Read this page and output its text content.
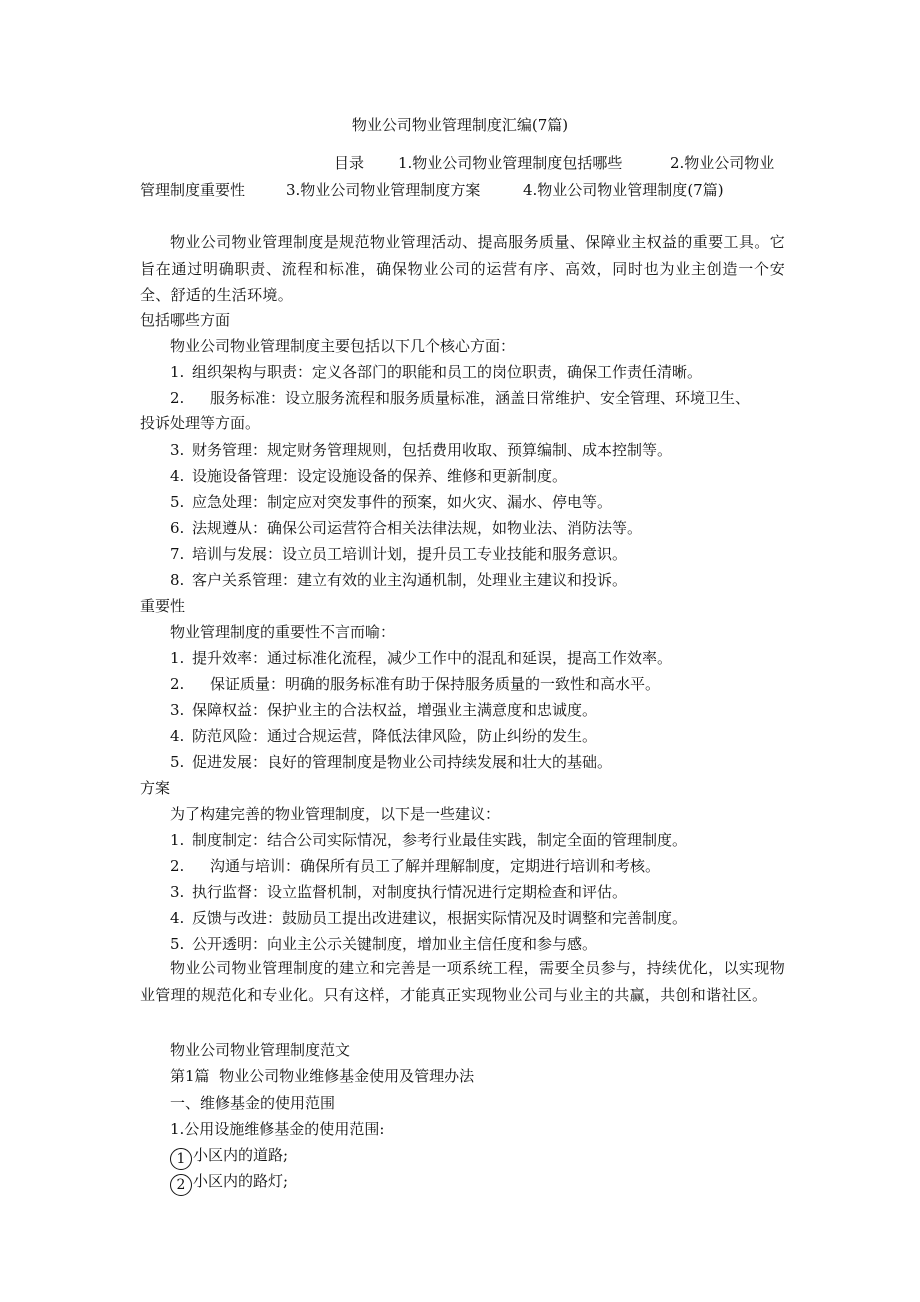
物业公司物业管理制度汇编(7篇)
目录 1.物业公司物业管理制度包括哪些	2.物业公司物业
管理制度重要性	3.物业公司物业管理制度方案	4.物业公司物业管理制度(7篇)
物业公司物业管理制度是规范物业管理活动、提高服务质量、保障业主权益的重要工具。它旨在通过明确职责、流程和标准，确保物业公司的运营有序、高效，同时也为业主创造一个安全、舒适的生活环境。
包括哪些方面
物业公司物业管理制度主要包括以下几个核心方面：
1. 组织架构与职责：定义各部门的职能和员工的岗位职责，确保工作责任清晰。
2. 服务标准：设立服务流程和服务质量标准，涵盖日常维护、安全管理、环境卫生、
投诉处理等方面。
3. 财务管理：规定财务管理规则，包括费用收取、预算编制、成本控制等。
4. 设施设备管理：设定设施设备的保养、维修和更新制度。
5. 应急处理：制定应对突发事件的预案，如火灾、漏水、停电等。
6. 法规遵从：确保公司运营符合相关法律法规，如物业法、消防法等。
7. 培训与发展：设立员工培训计划，提升员工专业技能和服务意识。
8. 客户关系管理：建立有效的业主沟通机制，处理业主建议和投诉。
重要性
物业管理制度的重要性不言而喻：
1. 提升效率：通过标准化流程，减少工作中的混乱和延误，提高工作效率。
2. 保证质量：明确的服务标准有助于保持服务质量的一致性和高水平。
3. 保障权益：保护业主的合法权益，增强业主满意度和忠诚度。
4. 防范风险：通过合规运营，降低法律风险，防止纠纷的发生。
5. 促进发展：良好的管理制度是物业公司持续发展和壮大的基础。
方案
为了构建完善的物业管理制度，以下是一些建议：
1. 制度制定：结合公司实际情况，参考行业最佳实践，制定全面的管理制度。
2. 沟通与培训：确保所有员工了解并理解制度，定期进行培训和考核。
3. 执行监督：设立监督机制，对制度执行情况进行定期检查和评估。
4. 反馈与改进：鼓励员工提出改进建议，根据实际情况及时调整和完善制度。
5. 公开透明：向业主公示关键制度，增加业主信任度和参与感。
物业公司物业管理制度的建立和完善是一项系统工程，需要全员参与，持续优化，以实现物业管理的规范化和专业化。只有这样，才能真正实现物业公司与业主的共赢，共创和谐社区。
物业公司物业管理制度范文
第1篇 物业公司物业维修基金使用及管理办法
一、维修基金的使用范围
1.公用设施维修基金的使用范围:
1 小区内的道路;
2 小区内的路灯;
